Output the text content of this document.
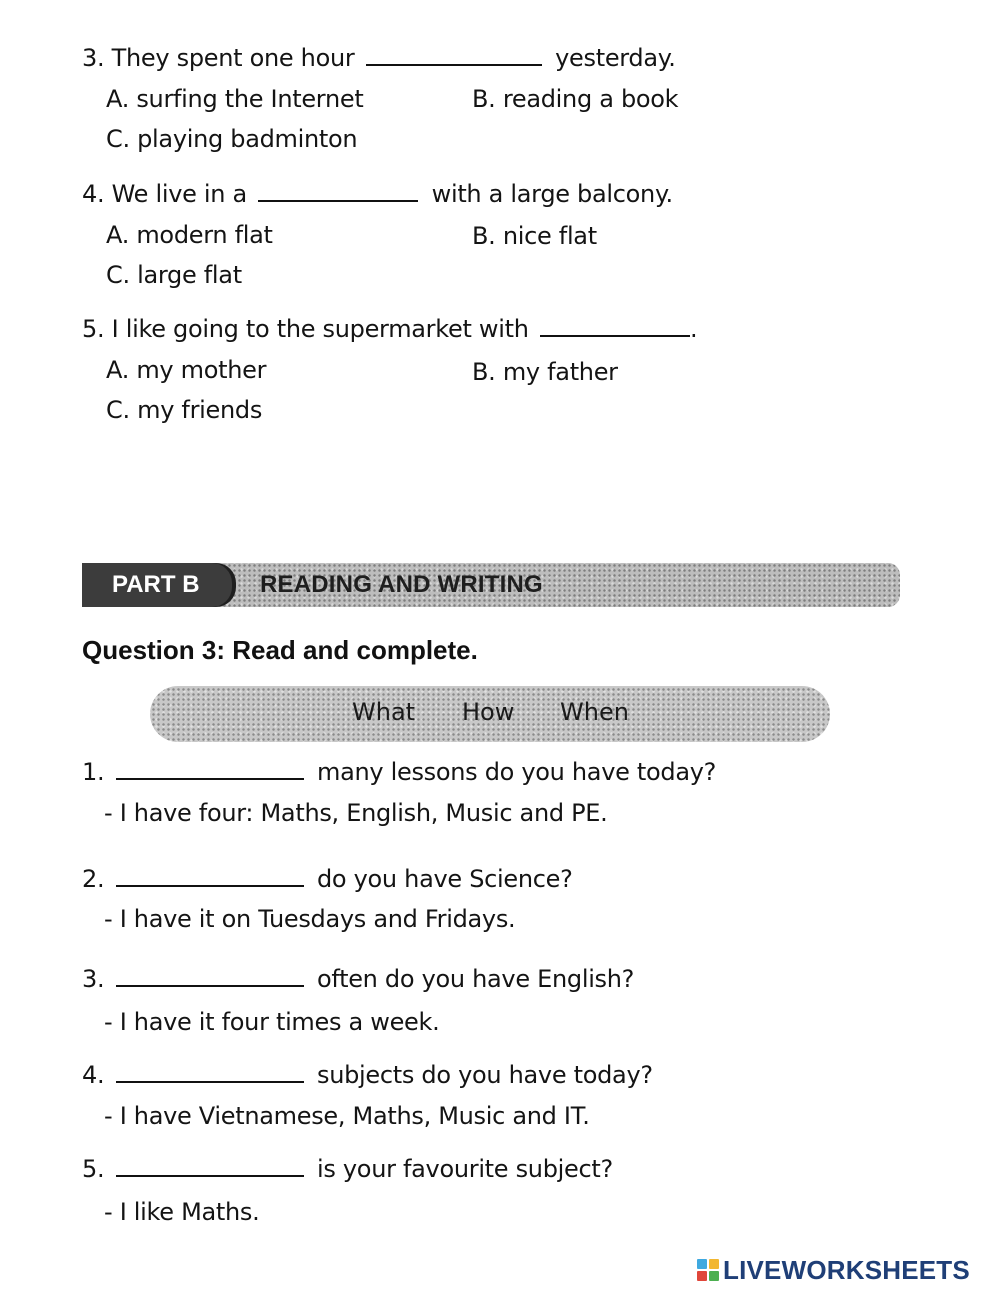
3. They spent one hour	yesterday.
A. surfing the Internet	B. reading a book
C. playing badminton
4. We live in a	with a large balcony.
A. modern flat	B. nice flat
C. large flat
5. I like going to the supermarket with	.
A. my mother	B. my father
C. my friends
PART B	READING AND WRITING
Question 3: Read and complete.
What How When
1.	many lessons do you have today?
- I have four: Maths, English, Music and PE.
2.	do you have Science?
- I have it on Tuesdays and Fridays.
3.	often do you have English?
- I have it four times a week.
4.	subjects do you have today?
- I have Vietnamese, Maths, Music and IT.
5.	is your favourite subject?
- I like Maths.
LIVEWORKSHEETS
